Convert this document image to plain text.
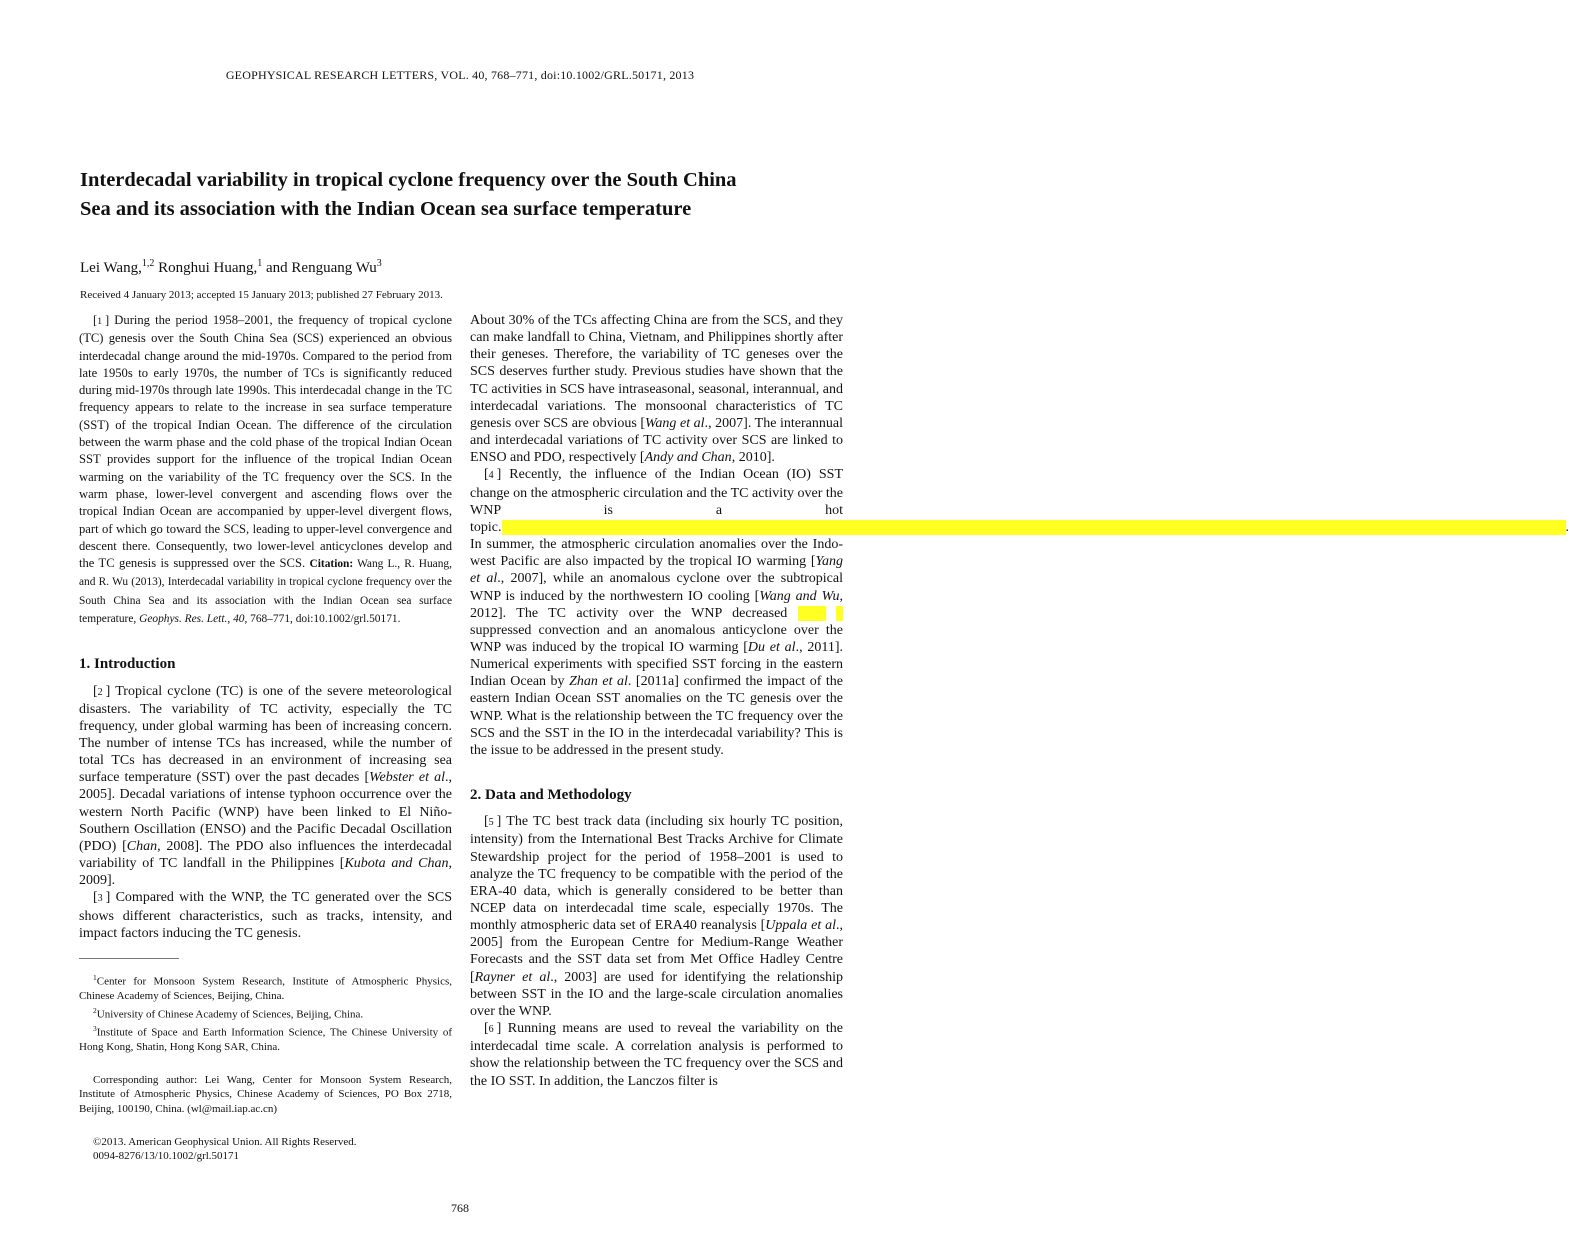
GEOPHYSICAL RESEARCH LETTERS, VOL. 40, 768–771, doi:10.1002/GRL.50171, 2013
Interdecadal variability in tropical cyclone frequency over the South China Sea and its association with the Indian Ocean sea surface temperature
Lei Wang,$^{1,2}$ Ronghui Huang,$^1$ and Renguang Wu$^3$
Received 4 January 2013; accepted 15 January 2013; published 27 February 2013.

[1 ] During the period 1958–2001, the frequency of tropical cyclone (TC) genesis over the South China Sea (SCS) experienced an obvious interdecadal change around the mid-1970s. Compared to the period from late 1950s to early 1970s, the number of TCs is significantly reduced during mid-1970s through late 1990s. This interdecadal change in the TC frequency appears to relate to the increase in sea surface temperature (SST) of the tropical Indian Ocean. The difference of the circulation between the warm phase and the cold phase of the tropical Indian Ocean SST provides support for the influence of the tropical Indian Ocean warming on the variability of the TC frequency over the SCS. In the warm phase, lower-level convergent and ascending flows over the tropical Indian Ocean are accompanied by upper-level divergent flows, part of which go toward the SCS, leading to upper-level convergence and descent there. Consequently, two lower-level anticyclones develop and the TC genesis is suppressed over the SCS. Citation: Wang L., R. Huang, and R. Wu (2013), Interdecadal variability in tropical cyclone frequency over the South China Sea and its association with the Indian Ocean sea surface temperature, Geophys. Res. Lett., 40, 768–771, doi:10.1002/grl.50171.

1. Introduction

[2 ] Tropical cyclone (TC) is one of the severe meteorological disasters. The variability of TC activity, especially the TC frequency, under global warming has been of increasing concern. The number of intense TCs has increased, while the number of total TCs has decreased in an environment of increasing sea surface temperature (SST) over the past decades [Webster et al., 2005]. Decadal variations of intense typhoon occurrence over the western North Pacific (WNP) have been linked to El Niño-Southern Oscillation (ENSO) and the Pacific Decadal Oscillation (PDO) [Chan, 2008]. The PDO also influences the interdecadal variability of TC landfall in the Philippines [Kubota and Chan, 2009].

[3 ] Compared with the WNP, the TC generated over the SCS shows different characteristics, such as tracks, intensity, and impact factors inducing the TC genesis.

$^1$Center for Monsoon System Research, Institute of Atmospheric Physics, Chinese Academy of Sciences, Beijing, China.

$^2$University of Chinese Academy of Sciences, Beijing, China.

$^3$Institute of Space and Earth Information Science, The Chinese University of Hong Kong, Shatin, Hong Kong SAR, China.

Corresponding author: Lei Wang, Center for Monsoon System Research, Institute of Atmospheric Physics, Chinese Academy of Sciences, PO Box 2718, Beijing, 100190, China. (wl@mail.iap.ac.cn)

©2013. American Geophysical Union. All Rights Reserved.

0094-8276/13/10.1002/grl.50171

About 30% of the TCs affecting China are from the SCS, and they can make landfall to China, Vietnam, and Philippines shortly after their geneses. Therefore, the variability of TC geneses over the SCS deserves further study. Previous studies have shown that the TC activities in SCS have intraseasonal, seasonal, interannual, and interdecadal variations. The monsoonal characteristics of TC genesis over SCS are obvious [Wang et al., 2007]. The interannual and interdecadal variations of TC activity over SCS are linked to ENSO and PDO, respectively [Andy and Chan, 2010].

[4 ] Recently, the influence of the Indian Ocean (IO) SST change on the atmospheric circulation and the TC activity over the WNP is a hot topic.                                                                            	. In summer, the atmospheric circulation anomalies over the Indo-west Pacific are also impacted by the tropical IO warming [Yang et al., 2007], while an anomalous cyclone over the subtropical WNP is induced by the northwestern IO cooling [Wang and Wu, 2012]. The TC activity over the WNP decreased      suppressed convection and an anomalous anticyclone over the WNP was induced by the tropical IO warming [Du et al., 2011]. Numerical experiments with specified SST forcing in the eastern Indian Ocean by Zhan et al. [2011a] confirmed the impact of the eastern Indian Ocean SST anomalies on the TC genesis over the WNP. What is the relationship between the TC frequency over the SCS and the SST in the IO in the interdecadal variability? This is the issue to be addressed in the present study.

2. Data and Methodology

[5 ] The TC best track data (including six hourly TC position, intensity) from the International Best Tracks Archive for Climate Stewardship project for the period of 1958–2001 is used to analyze the TC frequency to be compatible with the period of the ERA-40 data, which is generally considered to be better than NCEP data on interdecadal time scale, especially 1970s. The monthly atmospheric data set of ERA40 reanalysis [Uppala et al., 2005] from the European Centre for Medium-Range Weather Forecasts and the SST data set from Met Office Hadley Centre [Rayner et al., 2003] are used for identifying the relationship between SST in the IO and the large-scale circulation anomalies over the WNP.

[6 ] Running means are used to reveal the variability on the interdecadal time scale. A correlation analysis is performed to show the relationship between the TC frequency over the SCS and the IO SST. In addition, the Lanczos filter is

768
